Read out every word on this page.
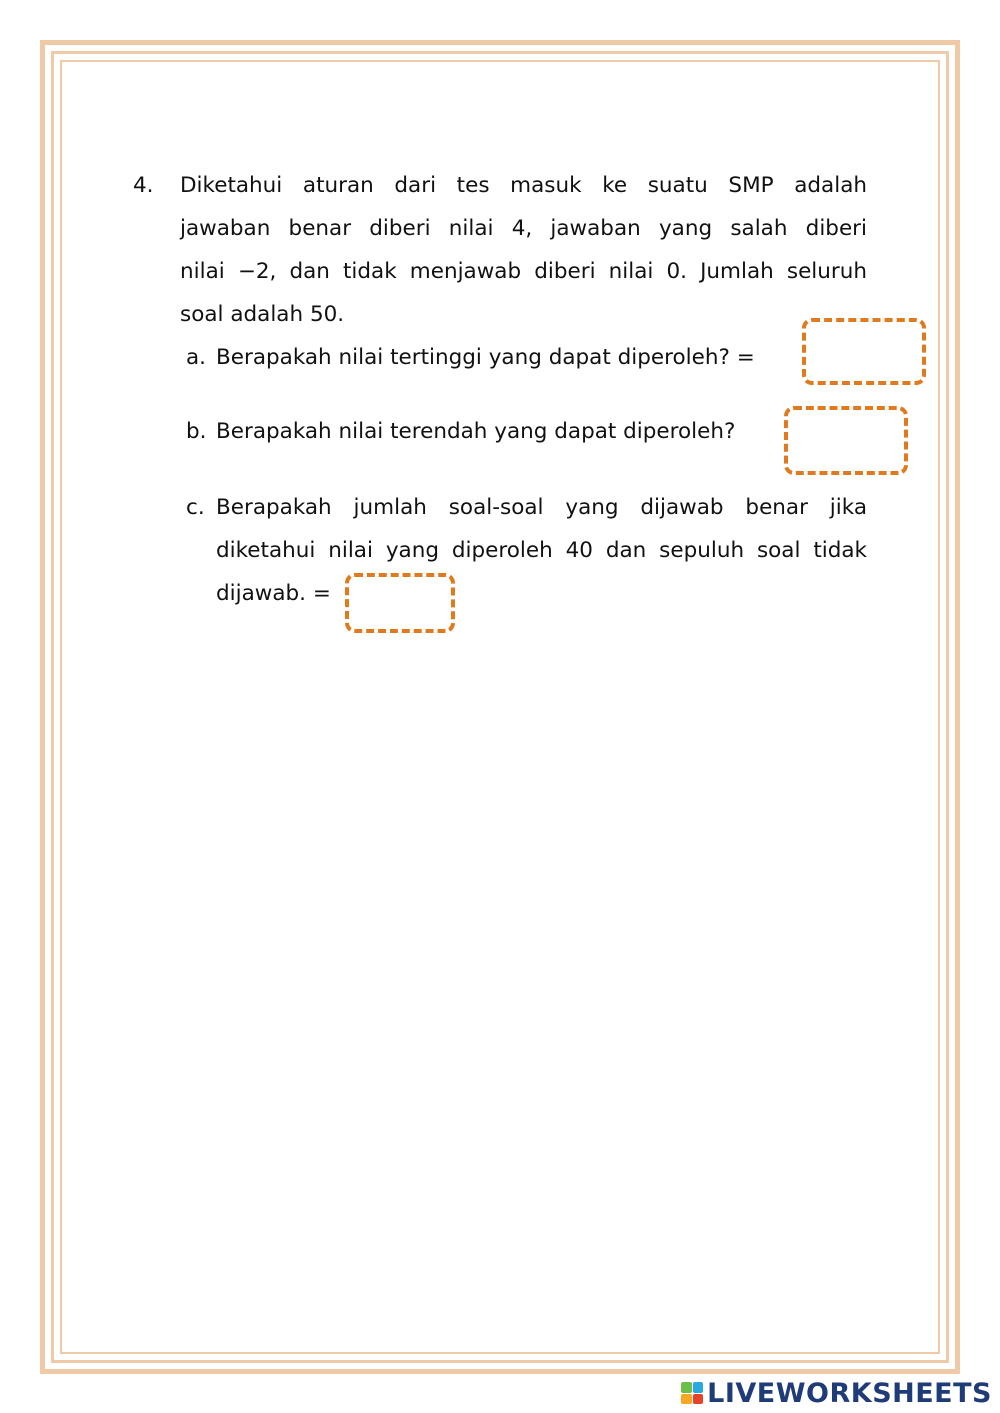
4. Diketahui aturan dari tes masuk ke suatu SMP adalah
jawaban benar diberi nilai 4, jawaban yang salah diberi
nilai −2, dan tidak menjawab diberi nilai 0. Jumlah seluruh
soal adalah 50.
a. Berapakah nilai tertinggi yang dapat diperoleh? =
b. Berapakah nilai terendah yang dapat diperoleh?
c. Berapakah jumlah soal-soal yang dijawab benar jika
diketahui nilai yang diperoleh 40 dan sepuluh soal tidak
dijawab. =
LIVEWORKSHEETS
